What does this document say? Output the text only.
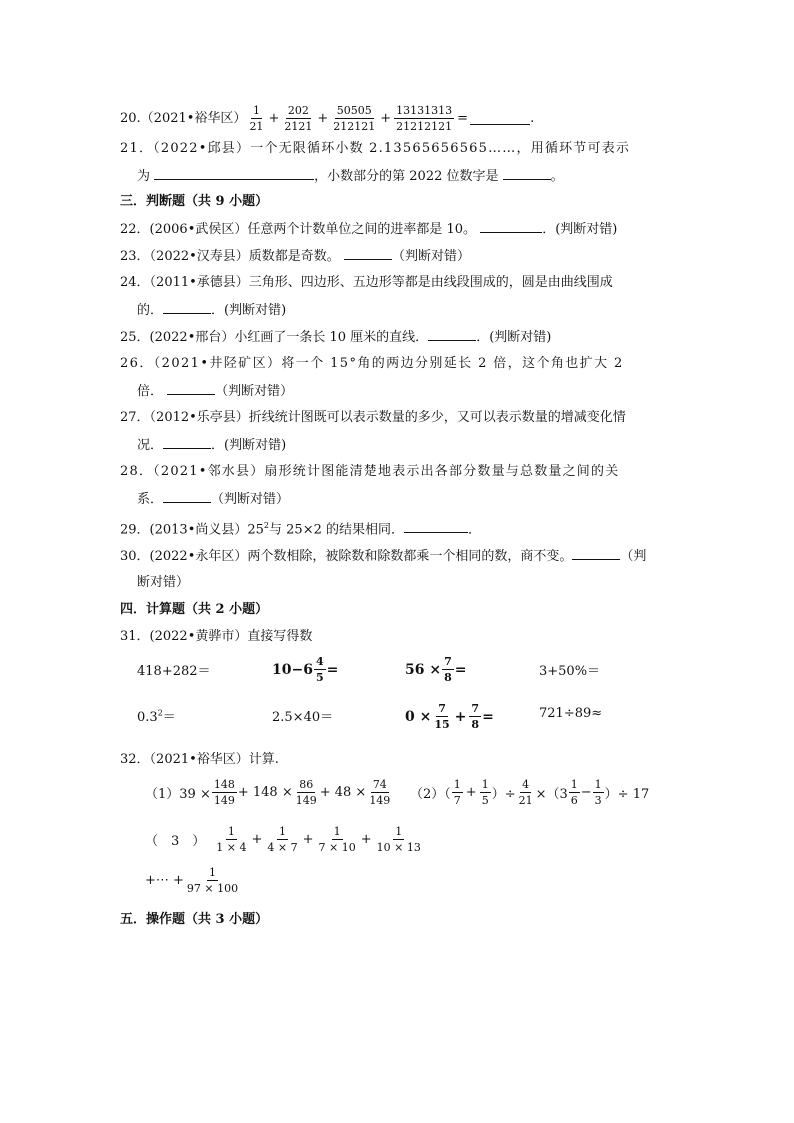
20.（2021•裕华区） $\frac{1}{21} + \frac{202}{2121} + \frac{50505}{212121} + \frac{13131313}{21212121}$ =	.
21．（2022•邱县）一个无限循环小数 2.13565656565……，用循环节可表示
为	，小数部分的第 2022 位数字是	。
三．判断题（共 9 小题）
22．(2006•武侯区）任意两个计数单位之间的进率都是 10。	．(判断对错)
23．（2022•汉寿县）质数都是奇数。	（判断对错）
24．（2011•承德县）三角形、四边形、五边形等都是由线段围成的，圆是由曲线围成
的．	．(判断对错)
25．(2022•邢台）小红画了一条长 10 厘米的直线．	．(判断对错)
26．（2021•井陉矿区）将一个 15°角的两边分别延长 2 倍，这个角也扩大 2
倍．	（判断对错）
27．（2012•乐亭县）折线统计图既可以表示数量的多少，又可以表示数量的增减变化情
况．	．(判断对错)
28．（2021•邻水县）扇形统计图能清楚地表示出各部分数量与总数量之间的关
系．	（判断对错）
29．(2013•尚义县）$25^2$与 25×2 的结果相同．	．
30．(2022•永年区）两个数相除，被除数和除数都乘一个相同的数，商不变。	（判
断对错）
四．计算题（共 2 小题）
31．(2022•黄骅市）直接写得数
418+282＝	$10-6 \frac{4}{5}$ =	$56 \times \frac{7}{8}$ =	3+50%＝
$0.3^2=$	2.5×40＝	$0 \times \frac{7}{15} + \frac{7}{8}$ =	721÷89≈
32．（2021•裕华区）计算.
$(1)39 \times \frac{148}{149} + 148 \times \frac{86}{149} + 48 \times \frac{74}{149} (2)( \frac{1}{7} + \frac{1}{5}$ ）÷ $\frac{4}{21} \times(3 \frac{1}{6} - \frac{1}{3}$ ）÷ 17
（　3　） $\frac{1}{1 \times 4} + \frac{1}{4 \times 7} + \frac{1}{7 \times 10} + \frac{1}{10 \times 13}$
+⋯ + $\frac{1}{97 \times 100}$
五．操作题（共 3 小题）
